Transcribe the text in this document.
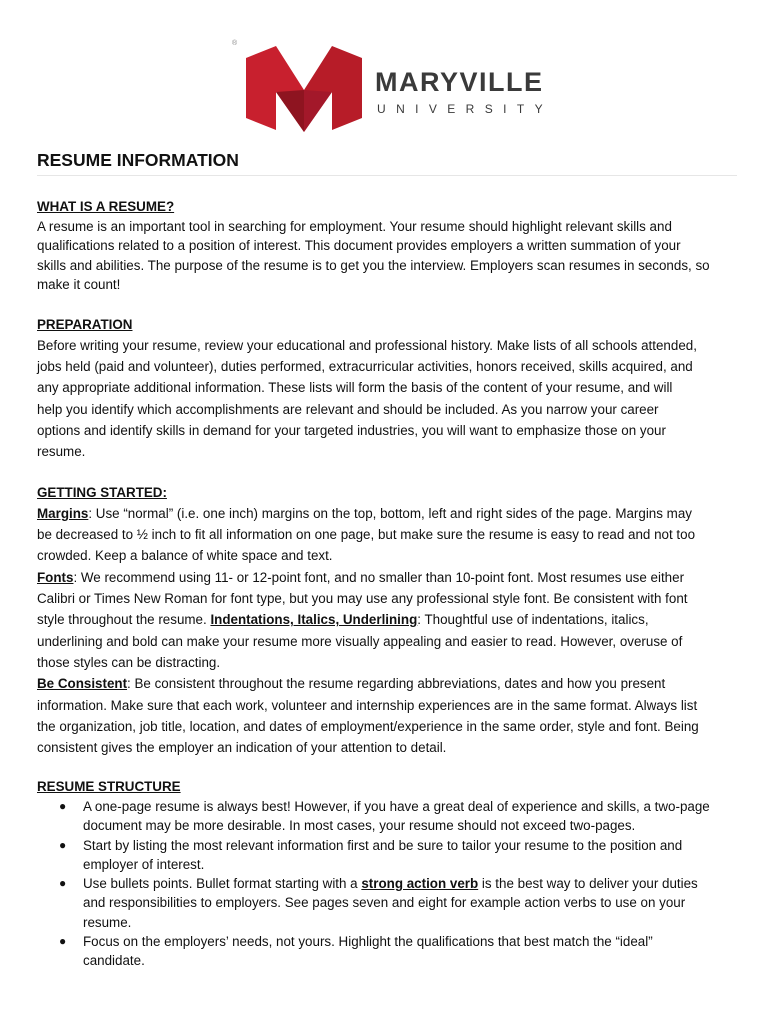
®
MARYVILLE
UNIVERSITY
RESUME INFORMATION
WHAT IS A RESUME?
A resume is an important tool in searching for employment. Your resume should highlight relevant skills and
qualifications related to a position of interest. This document provides employers a written summation of your
skills and abilities. The purpose of the resume is to get you the interview. Employers scan resumes in seconds, so
make it count!
PREPARATION
Before writing your resume, review your educational and professional history. Make lists of all schools attended,
jobs held (paid and volunteer), duties performed, extracurricular activities, honors received, skills acquired, and
any appropriate additional information. These lists will form the basis of the content of your resume, and will
help you identify which accomplishments are relevant and should be included. As you narrow your career
options and identify skills in demand for your targeted industries, you will want to emphasize those on your
resume.
GETTING STARTED:
Margins: Use “normal” (i.e. one inch) margins on the top, bottom, left and right sides of the page. Margins may
be decreased to ½ inch to fit all information on one page, but make sure the resume is easy to read and not too
crowded. Keep a balance of white space and text.
Fonts: We recommend using 11- or 12-point font, and no smaller than 10-point font. Most resumes use either
Calibri or Times New Roman for font type, but you may use any professional style font. Be consistent with font
style throughout the resume. Indentations, Italics, Underlining: Thoughtful use of indentations, italics,
underlining and bold can make your resume more visually appealing and easier to read. However, overuse of
those styles can be distracting.
Be Consistent: Be consistent throughout the resume regarding abbreviations, dates and how you present
information. Make sure that each work, volunteer and internship experiences are in the same format. Always list
the organization, job title, location, and dates of employment/experience in the same order, style and font. Being
consistent gives the employer an indication of your attention to detail.
RESUME STRUCTURE
● A one-page resume is always best! However, if you have a great deal of experience and skills, a two-page
document may be more desirable. In most cases, your resume should not exceed two-pages.
● Start by listing the most relevant information first and be sure to tailor your resume to the position and
employer of interest.
● Use bullets points. Bullet format starting with a strong action verb is the best way to deliver your duties
and responsibilities to employers. See pages seven and eight for example action verbs to use on your
resume.
● Focus on the employers’ needs, not yours. Highlight the qualifications that best match the “ideal”
candidate.
